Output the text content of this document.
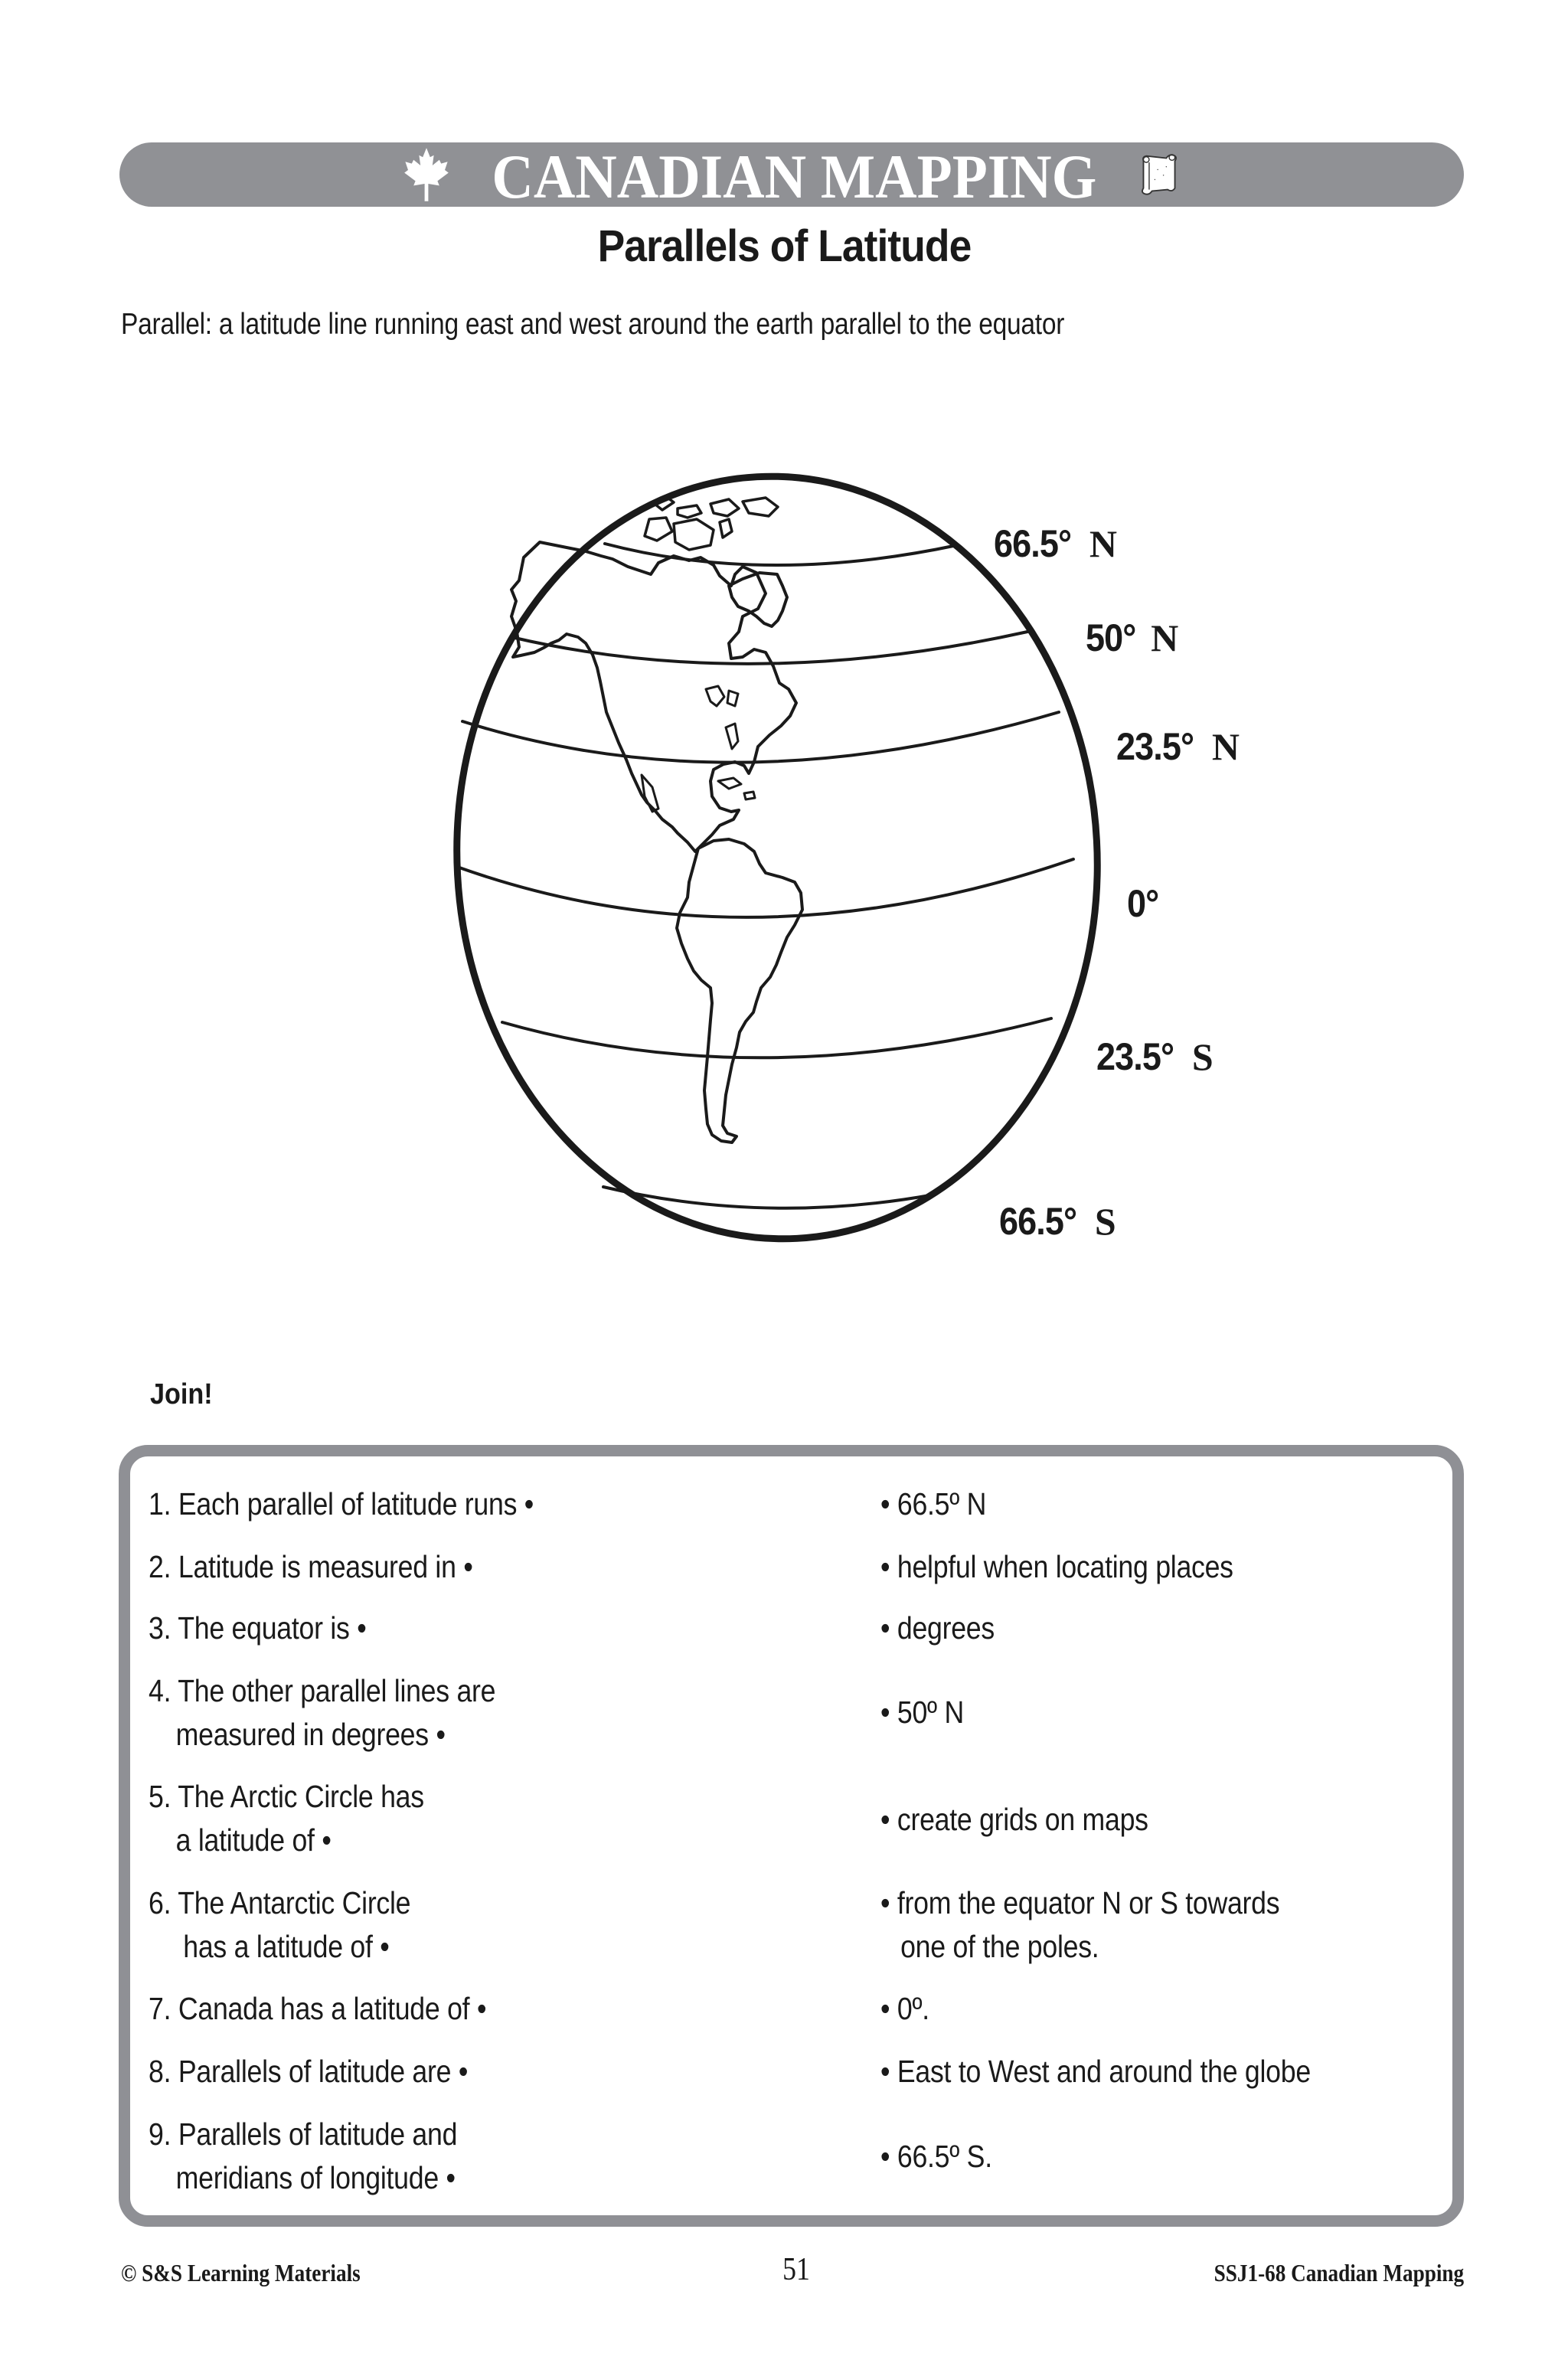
CANADIAN MAPPING
Parallels of Latitude
Parallel: a latitude line running east and west around the earth parallel to the equator
66.5° N
50° N
23.5° N
0°
23.5° S
66.5° S
Join!
1. Each parallel of latitude runs •
2. Latitude is measured in •
3. The equator is •
4. The other parallel lines are
measured in degrees •
5. The Arctic Circle has
a latitude of •
6. The Antarctic Circle
has a latitude of •
7. Canada has a latitude of •
8. Parallels of latitude are •
9. Parallels of latitude and
meridians of longitude •
• 66.5º N
• helpful when locating places
• degrees
• 50º N
• create grids on maps
• from the equator N or S towards
one of the poles.
• 0º.
• East to West and around the globe
• 66.5º S.
© S&S Learning Materials	51	SSJ1-68 Canadian Mapping
